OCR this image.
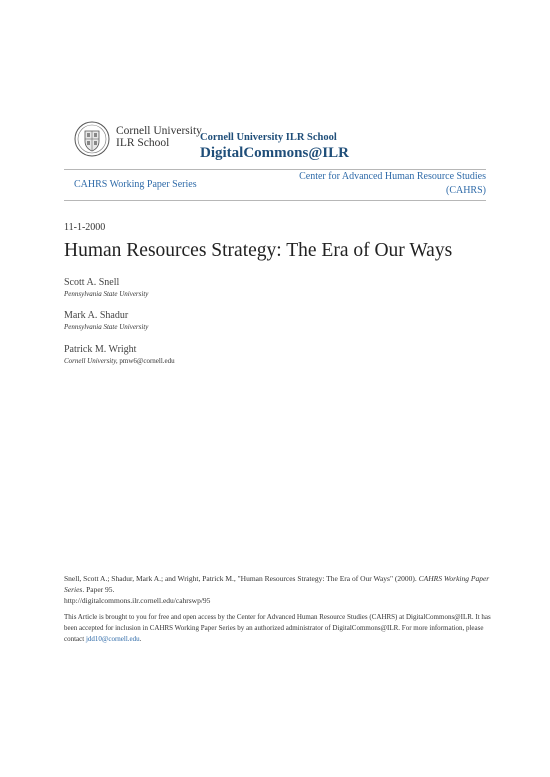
Cornell University
ILR School	Cornell University ILR School
DigitalCommons@ILR
CAHRS Working Paper Series
Center for Advanced Human Resource Studies
(CAHRS)
11-1-2000
Human Resources Strategy: The Era of Our Ways
Scott A. Snell
Pennsylvania State University
Mark A. Shadur
Pennsylvania State University
Patrick M. Wright
Cornell University, pmw6@cornell.edu
Snell, Scott A.; Shadur, Mark A.; and Wright, Patrick M., "Human Resources Strategy: The Era of Our Ways" (2000). CAHRS Working Paper Series. Paper 95.
http://digitalcommons.ilr.cornell.edu/cahrswp/95
This Article is brought to you for free and open access by the Center for Advanced Human Resource Studies (CAHRS) at DigitalCommons@ILR. It has been accepted for inclusion in CAHRS Working Paper Series by an authorized administrator of DigitalCommons@ILR. For more information, please contact jdd10@cornell.edu.
